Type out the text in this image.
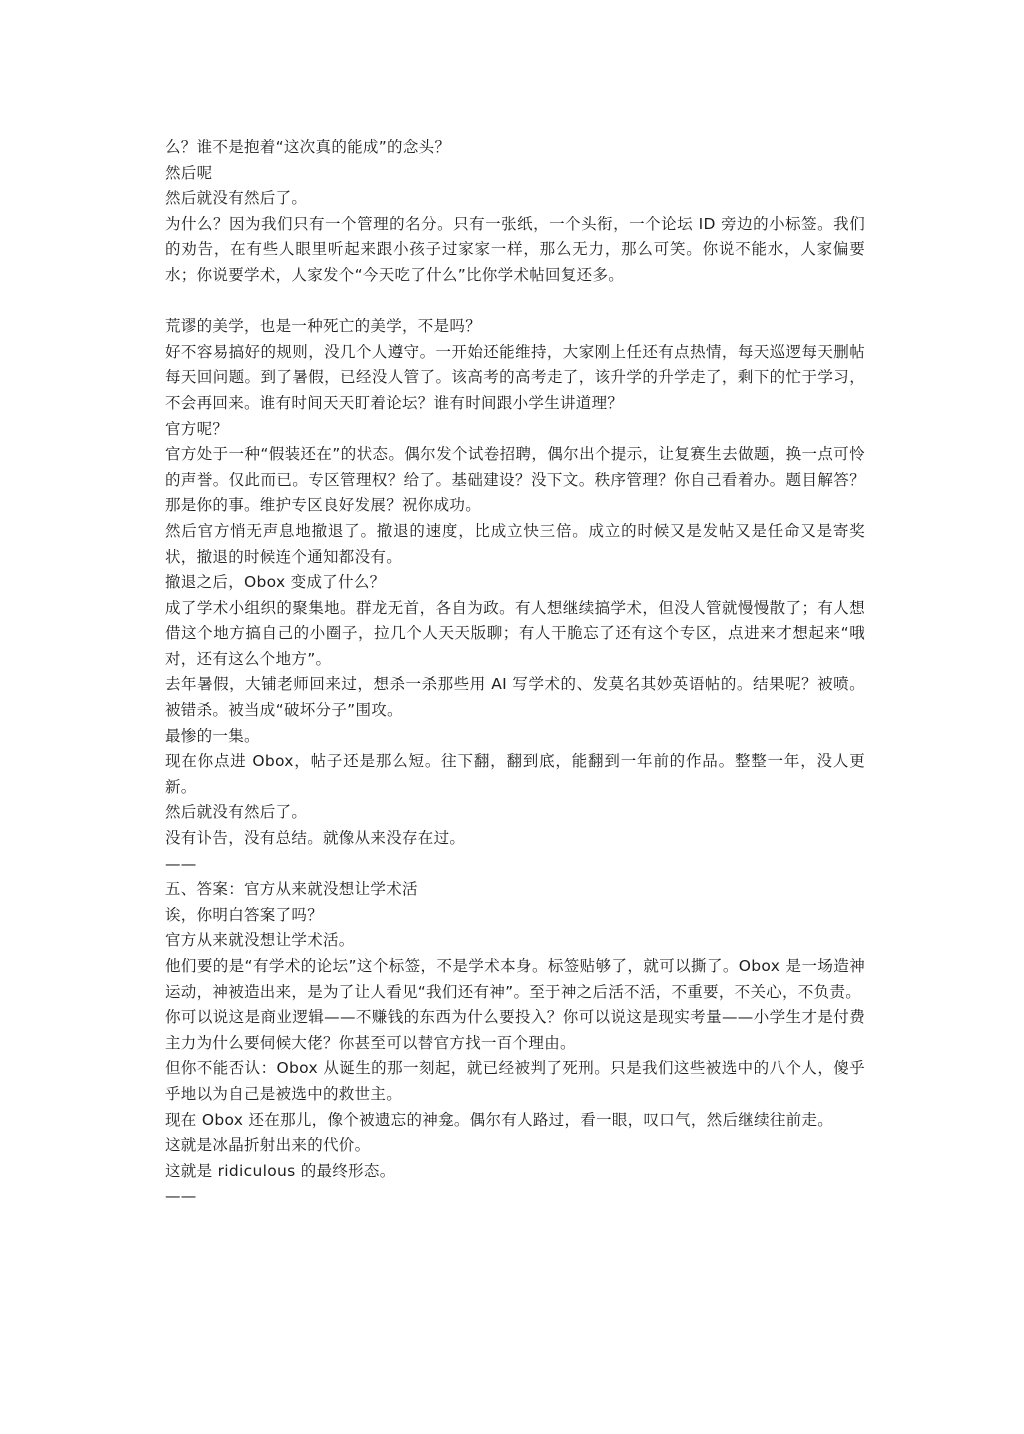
么？谁不是抱着“这次真的能成”的念头？

然后呢

然后就没有然后了。

为什么？因为我们只有一个管理的名分。只有一张纸，一个头衔，一个论坛 ID 旁边的小标签。我们的劝告，在有些人眼里听起来跟小孩子过家家一样，那么无力，那么可笑。你说不能水，人家偏要水；你说要学术，人家发个“今天吃了什么”比你学术帖回复还多。

荒谬的美学，也是一种死亡的美学，不是吗？

好不容易搞好的规则，没几个人遵守。一开始还能维持，大家刚上任还有点热情，每天巡逻每天删帖每天回问题。到了暑假，已经没人管了。该高考的高考走了，该升学的升学走了，剩下的忙于学习，不会再回来。谁有时间天天盯着论坛？谁有时间跟小学生讲道理？

官方呢？

官方处于一种“假装还在”的状态。偶尔发个试卷招聘，偶尔出个提示，让复赛生去做题，换一点可怜的声誉。仅此而已。专区管理权？给了。基础建设？没下文。秩序管理？你自己看着办。题目解答？那是你的事。维护专区良好发展？祝你成功。

然后官方悄无声息地撤退了。撤退的速度，比成立快三倍。成立的时候又是发帖又是任命又是寄奖状，撤退的时候连个通知都没有。

撤退之后，Obox 变成了什么？

成了学术小组织的聚集地。群龙无首，各自为政。有人想继续搞学术，但没人管就慢慢散了；有人想借这个地方搞自己的小圈子，拉几个人天天版聊；有人干脆忘了还有这个专区，点进来才想起来“哦对，还有这么个地方”。

去年暑假，大铺老师回来过，想杀一杀那些用 AI 写学术的、发莫名其妙英语帖的。结果呢？被喷。被错杀。被当成“破坏分子”围攻。

最惨的一集。

现在你点进 Obox，帖子还是那么短。往下翻，翻到底，能翻到一年前的作品。整整一年，没人更新。

然后就没有然后了。

没有讣告，没有总结。就像从来没存在过。

——

五、答案：官方从来就没想让学术活

诶，你明白答案了吗？

官方从来就没想让学术活。

他们要的是“有学术的论坛”这个标签，不是学术本身。标签贴够了，就可以撕了。Obox 是一场造神运动，神被造出来，是为了让人看见“我们还有神”。至于神之后活不活，不重要，不关心，不负责。

你可以说这是商业逻辑——不赚钱的东西为什么要投入？你可以说这是现实考量——小学生才是付费主力为什么要伺候大佬？你甚至可以替官方找一百个理由。

但你不能否认：Obox 从诞生的那一刻起，就已经被判了死刑。只是我们这些被选中的八个人，傻乎乎地以为自己是被选中的救世主。

现在 Obox 还在那儿，像个被遗忘的神龛。偶尔有人路过，看一眼，叹口气，然后继续往前走。

这就是冰晶折射出来的代价。

这就是 ridiculous 的最终形态。

——
